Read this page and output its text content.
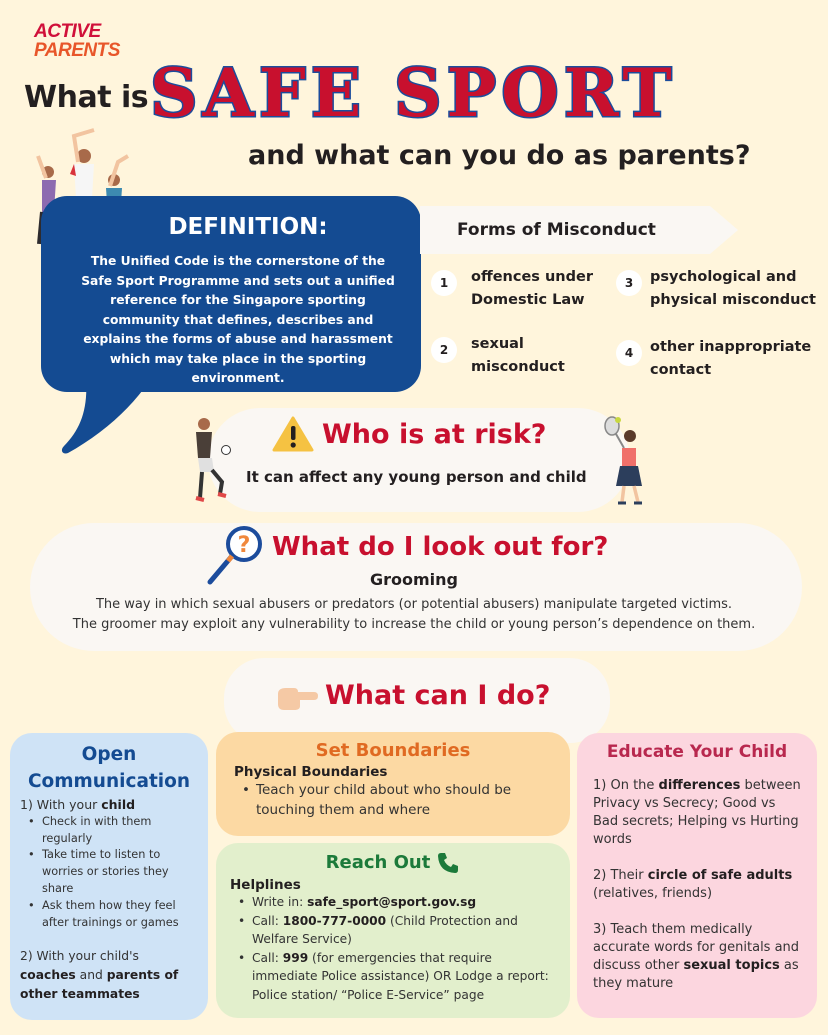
ACTIVE
PARENTS
What is SAFE SPORT
and what can you do as parents?
DEFINITION:
The Unified Code is the cornerstone of the Safe Sport Programme and sets out a unified reference for the Singapore sporting community that defines, describes and explains the forms of abuse and harassment which may take place in the sporting environment.
Forms of Misconduct
1	offences under Domestic Law
2	sexual misconduct
3	psychological and physical misconduct
4	other inappropriate contact
Who is at risk?
It can affect any young person and child
? What do I look out for?
Grooming
The way in which sexual abusers or predators (or potential abusers) manipulate targeted victims.
The groomer may exploit any vulnerability to increase the child or young person’s dependence on them.
What can I do?
Open
Communication

1) With your child

• Check in with them regularly
• Take time to listen to worries or stories they share
• Ask them how they feel after trainings or games

2) With your child's coaches and parents of other teammates

Set Boundaries
Physical Boundaries
• Teach your child about who should be touching them and where
Reach Out
Helplines
• Write in: safe_sport@sport.gov.sg
• Call: 1800-777-0000 (Child Protection and Welfare Service)
• Call: 999 (for emergencies that require immediate Police assistance) OR Lodge a report: Police station/ “Police E-Service” page
Educate Your Child

1) On the differences between Privacy vs Secrecy; Good vs Bad secrets; Helping vs Hurting words

2) Their circle of safe adults (relatives, friends)

3) Teach them medically accurate words for genitals and discuss other sexual topics as they mature
